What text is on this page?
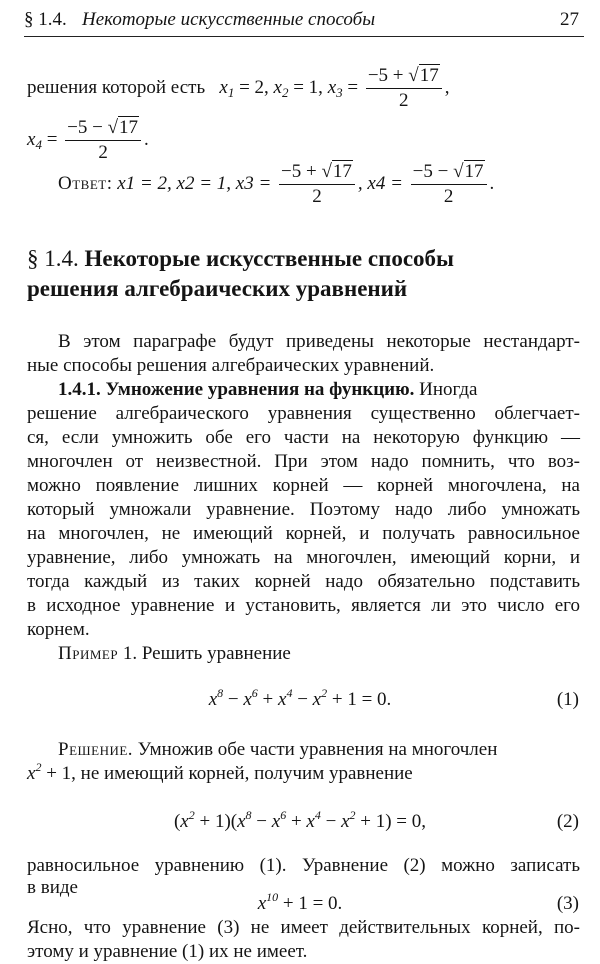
§ 1.4. Некоторые искусственные способы	27
решения которой есть $x_1 = 2$, $x_2 = 1$, $x_3 = \frac{-5 + √17}{2}$ ,
$x_4 = \frac{-5 - √17}{2}$ .
Ответ: x1 = 2, x2 = 1, $x3 = \frac{-5 + √17}{2}$ , $x4 = \frac{-5 - √17}{2}$ .
§ 1.4. Некоторые искусственные способы
решения алгебраических уравнений
В этом параграфе будут приведены некоторые нестандарт-
ные способы решения алгебраических уравнений.
1.4.1. Умножение уравнения на функцию. Иногда
решение алгебраического уравнения существенно облегчает-
ся, если умножить обе его части на некоторую функцию —
многочлен от неизвестной. При этом надо помнить, что воз-
можно появление лишних корней — корней многочлена, на
который умножали уравнение. Поэтому надо либо умножать
на многочлен, не имеющий корней, и получать равносильное
уравнение, либо умножать на многочлен, имеющий корни, и
тогда каждый из таких корней надо обязательно подставить
в исходное уравнение и установить, является ли это число его
корнем.
Пример 1. Решить уравнение
$x^8 - x^6 + x^4 - x^2 + 1 = 0$.	(1)
Решение. Умножив обе части уравнения на многочлен
$x^2 + 1$, не имеющий корней, получим уравнение
$(x^2 + 1)(x^8 - x^6 + x^4 - x^2 + 1) = 0$,	(2)
равносильное уравнению (1). Уравнение (2) можно записать
в виде
$x^{10} + 1 = 0$.	(3)
Ясно, что уравнение (3) не имеет действительных корней, по-
этому и уравнение (1) их не имеет.
